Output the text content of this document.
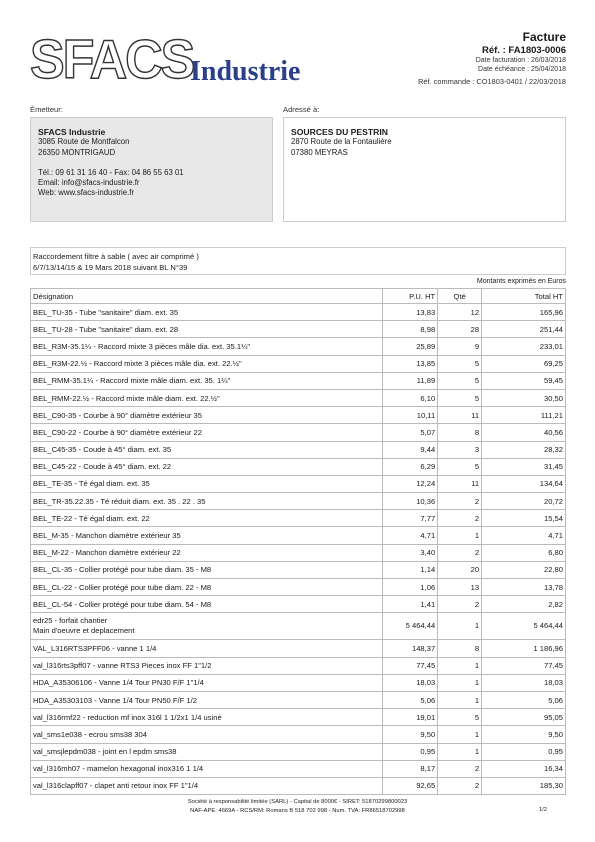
SFACS
Industrie
Facture
Réf. : FA1803-0006
Date facturation : 26/03/2018
Date échéance : 25/04/2018
Réf. commande : CO1803-0401 / 22/03/2018
Émetteur:	Adressé à:
SFACS Industrie
3085 Route de Montfalcon
26350 MONTRIGAUD
Tél.: 09 61 31 16 40 - Fax: 04 86 55 63 01
Email: info@sfacs-industrie.fr
Web: www.sfacs-industrie.fr
SOURCES DU PESTRIN
2870 Route de la Fontaulière
07380 MEYRAS
Raccordement filtre à sable ( avec air comprimé )
6/7/13/14/15 & 19 Mars 2018 suivant BL N°39
Montants exprimés en Euros
Désignation	P.U. HT	Qté	Total HT
BEL_TU-35 - Tube "sanitaire" diam. ext. 35	13,83	12	165,96
BEL_TU-28 - Tube "sanitaire" diam. ext. 28	8,98	28	251,44
BEL_R3M-35.1¼ - Raccord mixte 3 pièces mâle dia. ext. 35.1¼"	25,89	9	233,01
BEL_R3M-22.½ - Raccord mixte 3 pièces mâle dia. ext. 22.½"	13,85	5	69,25
BEL_RMM-35.1¼ - Raccord mixte mâle diam. ext. 35. 1¼"	11,89	5	59,45
BEL_RMM-22.½ - Raccord mixte mâle diam. ext. 22.½"	6,10	5	30,50
BEL_C90-35 - Courbe à 90° diamètre extérieur 35	10,11	11	111,21
BEL_C90-22 - Courbe à 90° diamètre extérieur 22	5,07	8	40,56
BEL_C45-35 - Coude à 45° diam. ext. 35	9,44	3	28,32
BEL_C45-22 - Coude à 45° diam. ext. 22	6,29	5	31,45
BEL_TE-35 - Té égal diam. ext. 35	12,24	11	134,64
BEL_TR-35.22.35 - Té réduit diam. ext. 35 . 22 . 35	10,36	2	20,72
BEL_TE-22 - Té égal diam. ext. 22	7,77	2	15,54
BEL_M-35 - Manchon diamètre extérieur 35	4,71	1	4,71
BEL_M-22 - Manchon diamètre extérieur 22	3,40	2	6,80
BEL_CL-35 - Collier protégé pour tube diam. 35 - M8	1,14	20	22,80
BEL_CL-22 - Collier protégé pour tube diam. 22 - M8	1,06	13	13,78
BEL_CL-54 - Collier protégé pour tube diam. 54 - M8	1,41	2	2,82

edr25 - forfait chantier
Main d'oeuvre et deplacement	5 464,44	1	5 464,44
VAL_L316RTS3PFF06 - vanne 1 1/4	148,37	8	1 186,96
val_l316rts3pff07 - vanne RTS3 Pieces inox FF 1"1/2	77,45	1	77,45
HDA_A35306106 - Vanne 1/4 Tour PN30 F/F 1"1/4	18,03	1	18,03
HDA_A35303103 - Vanne 1/4 Tour PN50 F/F 1/2	5,06	1	5,06
val_l316rmf22 - reduction mf inox 316l 1 1/2x1 1/4 usiné	19,01	5	95,05
val_sms1e038 - ecrou sms38 304	9,50	1	9,50
val_smsjlepdm038 - joint en l epdm sms38	0,95	1	0,95
val_l316mh07 - mamelon hexagonal inox316 1 1/4	8,17	2	16,34
val_l316clapff07 - clapet anti retour inox FF 1"1/4	92,65	2	185,30
Société à responsabilité limitée (SARL) - Capital de 8000€ - SIRET: 51870299800023
NAF-APE: 4669A - RCS/RM: Romans B 518 702 998 - Num. TVA: FR86518702998	1/2
